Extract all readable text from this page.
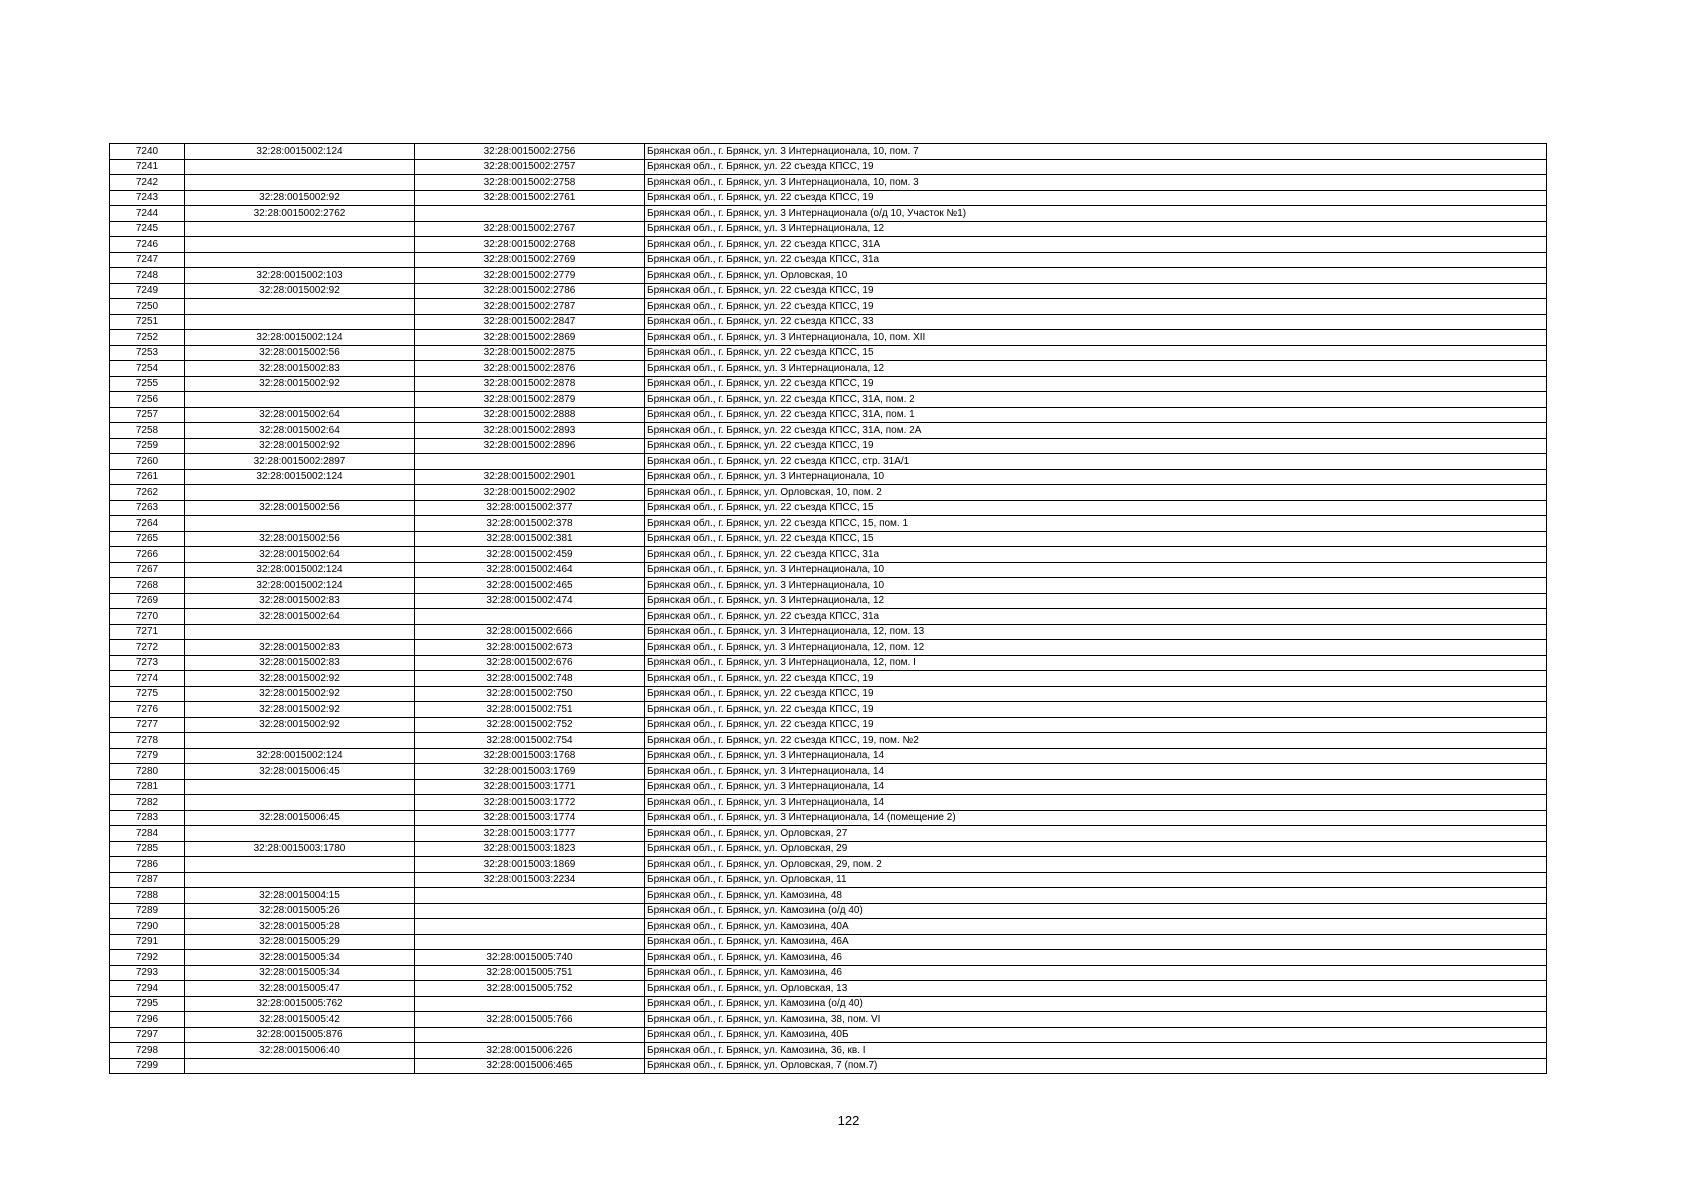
7240	32:28:0015002:124	32:28:0015002:2756	Брянская обл., г. Брянск, ул. 3 Интернационала, 10, пом. 7
7241		32:28:0015002:2757	Брянская обл., г. Брянск, ул. 22 съезда КПСС, 19
7242		32:28:0015002:2758	Брянская обл., г. Брянск, ул. 3 Интернационала, 10, пом. 3
7243	32:28:0015002:92	32:28:0015002:2761	Брянская обл., г. Брянск, ул. 22 съезда КПСС, 19
7244	32:28:0015002:2762		Брянская обл., г. Брянск, ул. 3 Интернационала (о/д 10, Участок №1)
7245		32:28:0015002:2767	Брянская обл., г. Брянск, ул. 3 Интернационала, 12
7246		32:28:0015002:2768	Брянская обл., г. Брянск, ул. 22 съезда КПСС, 31А
7247		32:28:0015002:2769	Брянская обл., г. Брянск, ул. 22 съезда КПСС, 31а
7248	32:28:0015002:103	32:28:0015002:2779	Брянская обл., г. Брянск, ул. Орловская, 10
7249	32:28:0015002:92	32:28:0015002:2786	Брянская обл., г. Брянск, ул. 22 съезда КПСС, 19
7250		32:28:0015002:2787	Брянская обл., г. Брянск, ул. 22 съезда КПСС, 19
7251		32:28:0015002:2847	Брянская обл., г. Брянск, ул. 22 съезда КПСС, 33
7252	32:28:0015002:124	32:28:0015002:2869	Брянская обл., г. Брянск, ул. 3 Интернационала, 10, пом. XII
7253	32:28:0015002:56	32:28:0015002:2875	Брянская обл., г. Брянск, ул. 22 съезда КПСС, 15
7254	32:28:0015002:83	32:28:0015002:2876	Брянская обл., г. Брянск, ул. 3 Интернационала, 12
7255	32:28:0015002:92	32:28:0015002:2878	Брянская обл., г. Брянск, ул. 22 съезда КПСС, 19
7256		32:28:0015002:2879	Брянская обл., г. Брянск, ул. 22 съезда КПСС, 31А, пом. 2
7257	32:28:0015002:64	32:28:0015002:2888	Брянская обл., г. Брянск, ул. 22 съезда КПСС, 31А, пом. 1
7258	32:28:0015002:64	32:28:0015002:2893	Брянская обл., г. Брянск, ул. 22 съезда КПСС, 31А, пом. 2А
7259	32:28:0015002:92	32:28:0015002:2896	Брянская обл., г. Брянск, ул. 22 съезда КПСС, 19
7260	32:28:0015002:2897		Брянская обл., г. Брянск, ул. 22 съезда КПСС, стр. 31А/1
7261	32:28:0015002:124	32:28:0015002:2901	Брянская обл., г. Брянск, ул. 3 Интернационала, 10
7262		32:28:0015002:2902	Брянская обл., г. Брянск, ул. Орловская, 10, пом. 2
7263	32:28:0015002:56	32:28:0015002:377	Брянская обл., г. Брянск, ул. 22 съезда КПСС, 15
7264		32:28:0015002:378	Брянская обл., г. Брянск, ул. 22 съезда КПСС, 15, пом. 1
7265	32:28:0015002:56	32:28:0015002:381	Брянская обл., г. Брянск, ул. 22 съезда КПСС, 15
7266	32:28:0015002:64	32:28:0015002:459	Брянская обл., г. Брянск, ул. 22 съезда КПСС, 31а
7267	32:28:0015002:124	32:28:0015002:464	Брянская обл., г. Брянск, ул. 3 Интернационала, 10
7268	32:28:0015002:124	32:28:0015002:465	Брянская обл., г. Брянск, ул. 3 Интернационала, 10
7269	32:28:0015002:83	32:28:0015002:474	Брянская обл., г. Брянск, ул. 3 Интернационала, 12
7270	32:28:0015002:64		Брянская обл., г. Брянск, ул. 22 съезда КПСС, 31а
7271		32:28:0015002:666	Брянская обл., г. Брянск, ул. 3 Интернационала, 12, пом. 13
7272	32:28:0015002:83	32:28:0015002:673	Брянская обл., г. Брянск, ул. 3 Интернационала, 12, пом. 12
7273	32:28:0015002:83	32:28:0015002:676	Брянская обл., г. Брянск, ул. 3 Интернационала, 12, пом. I
7274	32:28:0015002:92	32:28:0015002:748	Брянская обл., г. Брянск, ул. 22 съезда КПСС, 19
7275	32:28:0015002:92	32:28:0015002:750	Брянская обл., г. Брянск, ул. 22 съезда КПСС, 19
7276	32:28:0015002:92	32:28:0015002:751	Брянская обл., г. Брянск, ул. 22 съезда КПСС, 19
7277	32:28:0015002:92	32:28:0015002:752	Брянская обл., г. Брянск, ул. 22 съезда КПСС, 19
7278		32:28:0015002:754	Брянская обл., г. Брянск, ул. 22 съезда КПСС, 19, пом. №2
7279	32:28:0015002:124	32:28:0015003:1768	Брянская обл., г. Брянск, ул. 3 Интернационала, 14
7280	32:28:0015006:45	32:28:0015003:1769	Брянская обл., г. Брянск, ул. 3 Интернационала, 14
7281		32:28:0015003:1771	Брянская обл., г. Брянск, ул. 3 Интернационала, 14
7282		32:28:0015003:1772	Брянская обл., г. Брянск, ул. 3 Интернационала, 14
7283	32:28:0015006:45	32:28:0015003:1774	Брянская обл., г. Брянск, ул. 3 Интернационала, 14 (помещение 2)
7284		32:28:0015003:1777	Брянская обл., г. Брянск, ул. Орловская, 27
7285	32:28:0015003:1780	32:28:0015003:1823	Брянская обл., г. Брянск, ул. Орловская, 29
7286		32:28:0015003:1869	Брянская обл., г. Брянск, ул. Орловская, 29, пом. 2
7287		32:28:0015003:2234	Брянская обл., г. Брянск, ул. Орловская, 11
7288	32:28:0015004:15		Брянская обл., г. Брянск, ул. Камозина, 48
7289	32:28:0015005:26		Брянская обл., г. Брянск, ул. Камозина (о/д 40)
7290	32:28:0015005:28		Брянская обл., г. Брянск, ул. Камозина, 40А
7291	32:28:0015005:29		Брянская обл., г. Брянск, ул. Камозина, 46А
7292	32:28:0015005:34	32:28:0015005:740	Брянская обл., г. Брянск, ул. Камозина, 46
7293	32:28:0015005:34	32:28:0015005:751	Брянская обл., г. Брянск, ул. Камозина, 46
7294	32:28:0015005:47	32:28:0015005:752	Брянская обл., г. Брянск, ул. Орловская, 13
7295	32:28:0015005:762		Брянская обл., г. Брянск, ул. Камозина (о/д 40)
7296	32:28:0015005:42	32:28:0015005:766	Брянская обл., г. Брянск, ул. Камозина, 38, пом. VI
7297	32:28:0015005:876		Брянская обл., г. Брянск, ул. Камозина, 40Б
7298	32:28:0015006:40	32:28:0015006:226	Брянская обл., г. Брянск, ул. Камозина, 36, кв. I
7299		32:28:0015006:465	Брянская обл., г. Брянск, ул. Орловская, 7 (пом.7)
122
